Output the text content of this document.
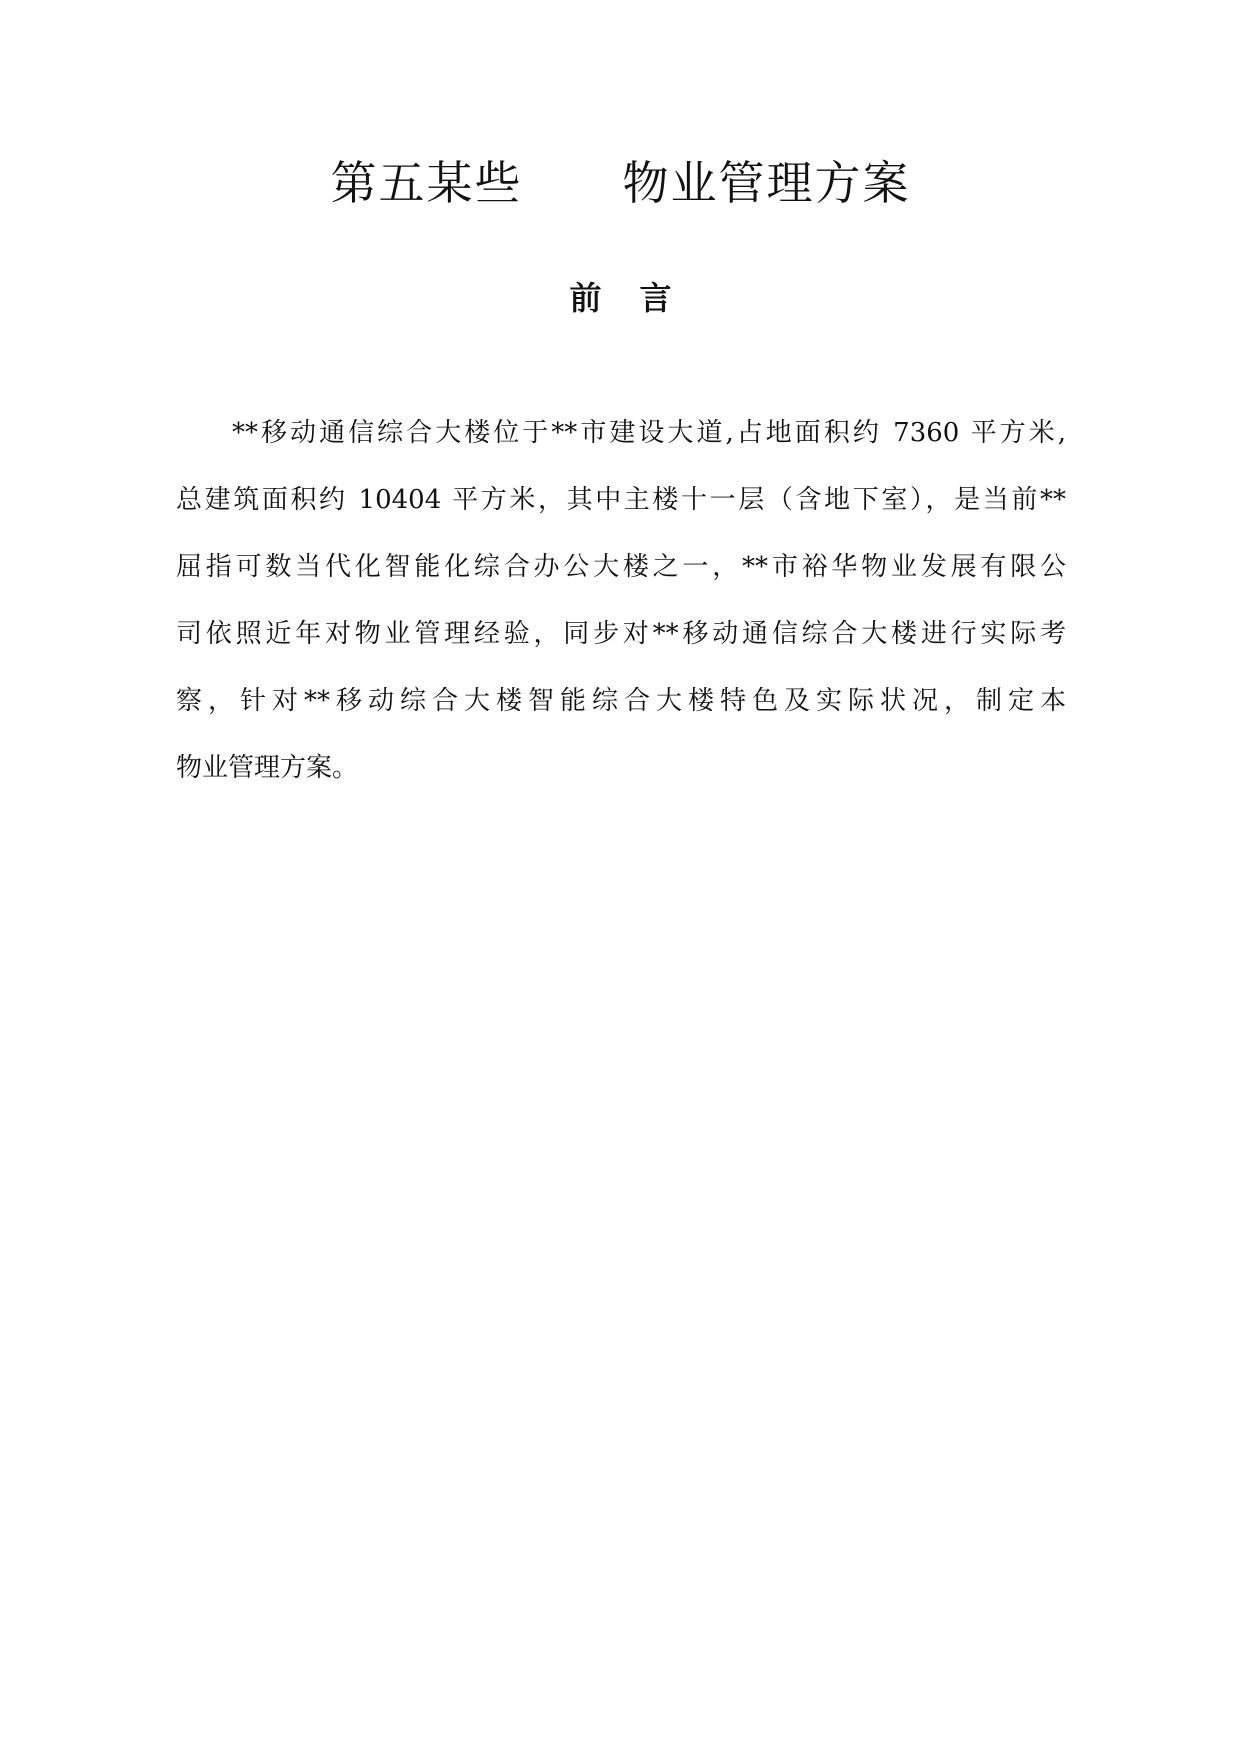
第五某些 物业管理方案
前言
**移动通信综合大楼位于**市建设大道,占地面积约 7360 平方米,
总建筑面积约 10404 平方米，其中主楼十一层（含地下室），是当前**
屈指可数当代化智能化综合办公大楼之一，**市裕华物业发展有限公
司依照近年对物业管理经验，同步对**移动通信综合大楼进行实际考
察，针对**移动综合大楼智能综合大楼特色及实际状况，制定本
物业管理方案。
